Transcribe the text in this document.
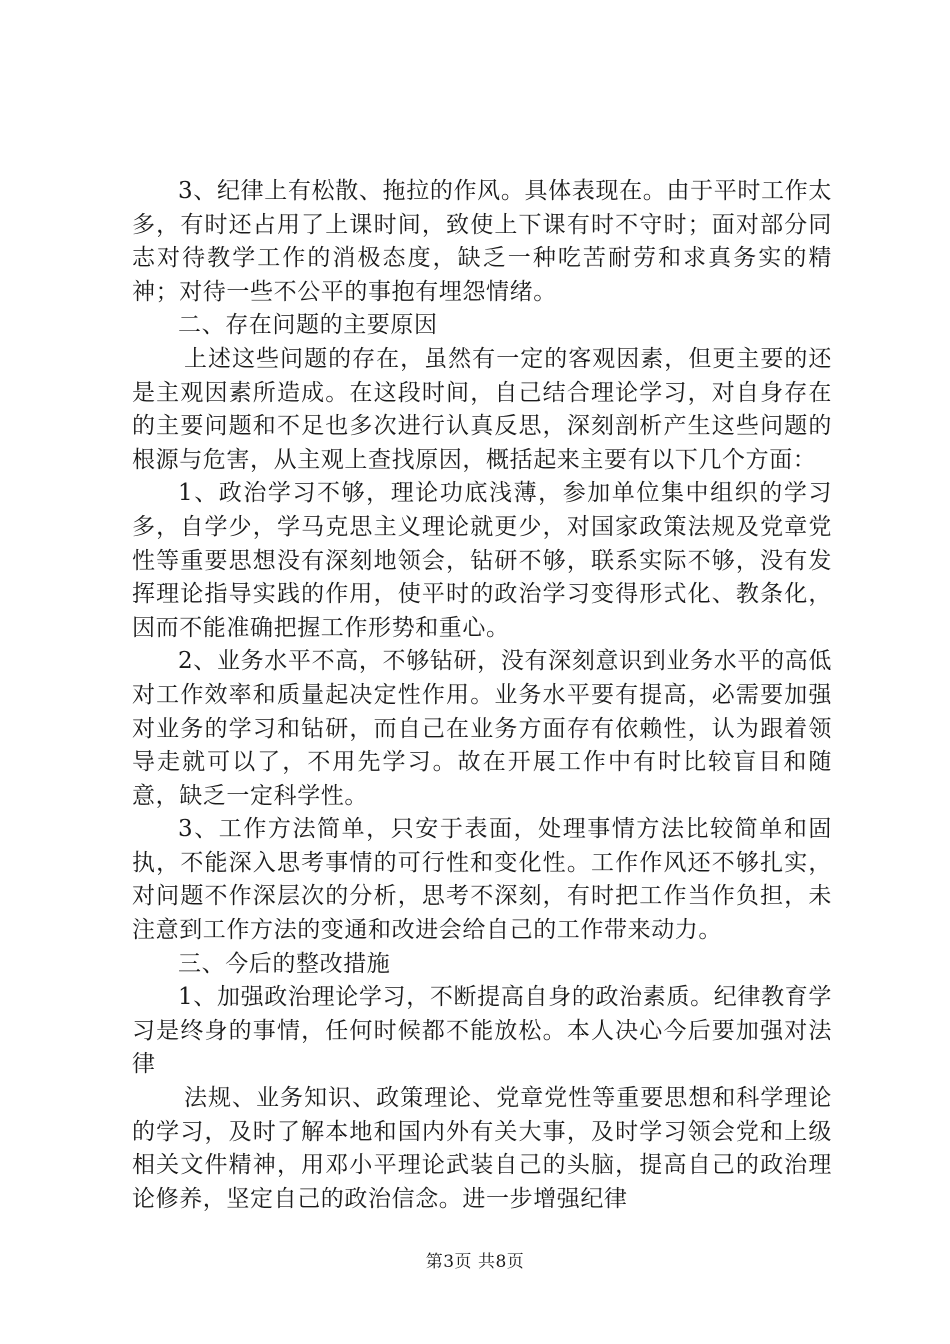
3、纪律上有松散、拖拉的作风。具体表现在。由于平时工作太多，有时还占用了上课时间，致使上下课有时不守时；面对部分同志对待教学工作的消极态度，缺乏一种吃苦耐劳和求真务实的精神；对待一些不公平的事抱有埋怨情绪。

二、存在问题的主要原因

上述这些问题的存在，虽然有一定的客观因素，但更主要的还是主观因素所造成。在这段时间，自己结合理论学习，对自身存在的主要问题和不足也多次进行认真反思，深刻剖析产生这些问题的根源与危害，从主观上查找原因，概括起来主要有以下几个方面：

1、政治学习不够，理论功底浅薄，参加单位集中组织的学习多，自学少，学马克思主义理论就更少，对国家政策法规及党章党性等重要思想没有深刻地领会，钻研不够，联系实际不够，没有发挥理论指导实践的作用，使平时的政治学习变得形式化、教条化，因而不能准确把握工作形势和重心。

2、业务水平不高，不够钻研，没有深刻意识到业务水平的高低对工作效率和质量起决定性作用。业务水平要有提高，必需要加强对业务的学习和钻研，而自己在业务方面存有依赖性，认为跟着领导走就可以了，不用先学习。故在开展工作中有时比较盲目和随意，缺乏一定科学性。

3、工作方法简单，只安于表面，处理事情方法比较简单和固执，不能深入思考事情的可行性和变化性。工作作风还不够扎实，对问题不作深层次的分析，思考不深刻，有时把工作当作负担，未注意到工作方法的变通和改进会给自己的工作带来动力。

三、今后的整改措施

1、加强政治理论学习，不断提高自身的政治素质。纪律教育学习是终身的事情，任何时候都不能放松。本人决心今后要加强对法律

法规、业务知识、政策理论、党章党性等重要思想和科学理论的学习，及时了解本地和国内外有关大事，及时学习领会党和上级相关文件精神，用邓小平理论武装自己的头脑，提高自己的政治理论修养，坚定自己的政治信念。进一步增强纪律

第3页 共8页
